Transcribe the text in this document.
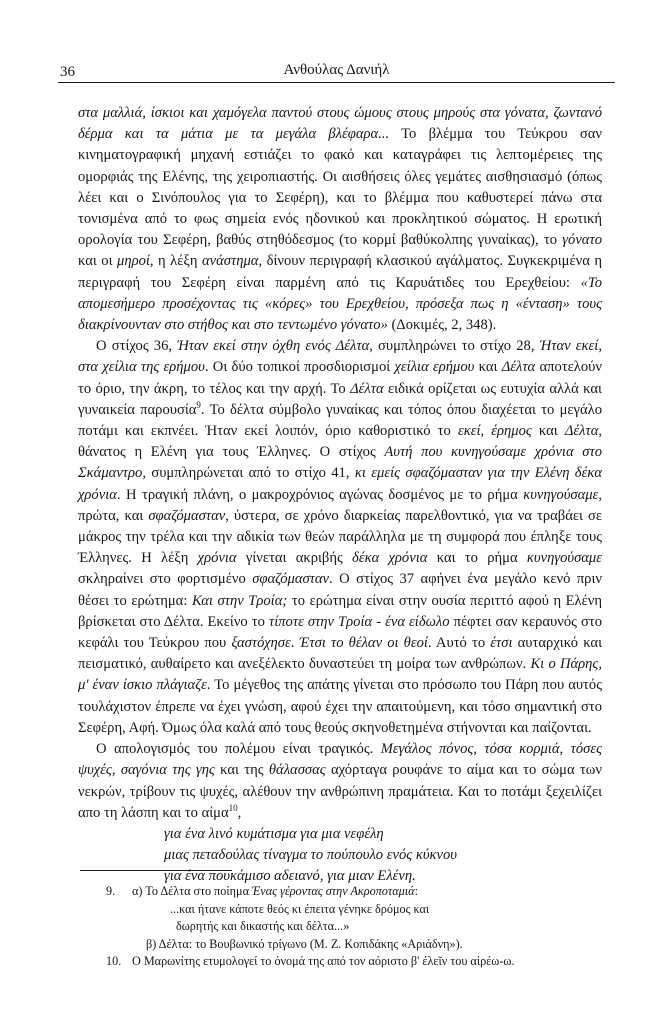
36	Ανθούλας Δανιήλ

στα μαλλιά, ίσκιοι και χαμόγελα παντού στους ώμους στους μηρούς στα γόνατα, ζωντανό δέρμα και τα μάτια με τα μεγάλα βλέφαρα... Το βλέμμα του Τεύκρου σαν κινηματογραφική μηχανή εστιάζει το φακό και καταγράφει τις λεπτομέρειες της ομορφιάς της Ελένης, της χειροπιαστής. Οι αισθήσεις όλες γεμάτες αισθησιασμό (όπως λέει και ο Σινόπουλος για το Σεφέρη), και το βλέμμα που καθυστερεί πάνω στα τονισμένα από το φως σημεία ενός ηδονικού και προκλητικού σώματος. Η ερωτική ορολογία του Σεφέρη, βαθύς στηθόδεσμος (το κορμί βαθύκολπης γυναίκας), το γόνατο και οι μηροί, η λέξη ανάστημα, δίνουν περιγραφή κλασικού αγάλματος. Συγκεκριμένα η περιγραφή του Σεφέρη είναι παρμένη από τις Καρυάτιδες του Ερεχθείου: «Το απομεσήμερο προσέχοντας τις «κόρες» του Ερεχθείου, πρόσεξα πως η «ένταση» τους διακρίνουνταν στο στήθος και στο τεντωμένο γόνατο» (Δοκιμές, 2, 348).

Ο στίχος 36, Ήταν εκεί στην όχθη ενός Δέλτα, συμπληρώνει το στίχο 28, Ήταν εκεί, στα χείλια της ερήμου. Οι δύο τοπικοί προσδιορισμοί χείλια ερήμου και Δέλτα αποτελούν το όριο, την άκρη, το τέλος και την αρχή. Το Δέλτα ειδικά ορίζεται ως ευτυχία αλλά και γυναικεία παρουσία$^9$. Το δέλτα σύμβολο γυναίκας και τόπος όπου διαχέεται το μεγάλο ποτάμι και εκπνέει. Ήταν εκεί λοιπόν, όριο καθοριστικό το εκεί, έρημος και Δέλτα, θάνατος η Ελένη για τους Έλληνες. Ο στίχος Αυτή που κυνηγούσαμε χρόνια στο Σκάμαντρο, συμπληρώνεται από το στίχο 41, κι εμείς σφαζόμασταν για την Ελένη δέκα χρόνια. Η τραγική πλάνη, ο μακροχρόνιος αγώνας δοσμένος με το ρήμα κυνηγούσαμε, πρώτα, και σφαζόμασταν, ύστερα, σε χρόνο διαρκείας παρελθοντικό, για να τραβάει σε μάκρος την τρέλα και την αδικία των θεών παράλληλα με τη συμφορά που έπληξε τους Έλληνες. Η λέξη χρόνια γίνεται ακριβής δέκα χρόνια και το ρήμα κυνηγούσαμε σκληραίνει στο φορτισμένο σφαζόμασταν. Ο στίχος 37 αφήνει ένα μεγάλο κενό πριν θέσει το ερώτημα: Και στην Τροία; το ερώτημα είναι στην ουσία περιττό αφού η Ελένη βρίσκεται στο Δέλτα. Εκείνο το τίποτε στην Τροία - ένα είδωλο πέφτει σαν κεραυνός στο κεφάλι του Τεύκρου που ξαστόχησε. Έτσι το θέλαν οι θεοί. Αυτό το έτσι αυταρχικό και πεισματικό, αυθαίρετο και ανεξέλεκτο δυναστεύει τη μοίρα των ανθρώπων. Κι ο Πάρης, μ' έναν ίσκιο πλάγιαζε. Το μέγεθος της απάτης γίνεται στο πρόσωπο του Πάρη που αυτός τουλάχιστον έπρεπε να έχει γνώση, αφού έχει την απαιτούμενη, και τόσο σημαντική στο Σεφέρη, Αφή. Όμως όλα καλά από τους θεούς σκηνοθετημένα στήνονται και παίζονται.

Ο απολογισμός του πολέμου είναι τραγικός. Μεγάλος πόνος, τόσα κορμιά, τόσες ψυχές, σαγόνια της γης και της θάλασσας αχόρταγα ρουφάνε το αίμα και το σώμα των νεκρών, τρίβουν τις ψυχές, αλέθουν την ανθρώπινη πραμάτεια. Και το ποτάμι ξεχειλίζει απο τη λάσπη και το αίμα$^{10}$,

για ένα λινό κυμάτισμα για μια νεφέλη
μιας πεταδούλας τίναγμα το πούπουλο ενός κύκνου
για ένα πουκάμισο αδειανό, για μιαν Ελένη.
9.	α) Το Δέλτα στο ποίημα Ένας γέροντας στην Ακροποταμιά:
...και ήτανε κάποτε θεός κι έπειτα γένηκε δρόμος και
δωρητής και δικαστής και δέλτα...»
β) Δέλτα: το Βουβωνικό τρίγωνο (Μ. Ζ. Κοπιδάκης «Αριάδνη»).
10. Ο Μαρωνίτης ετυμολογεί το όνομά της από τον αόριστο β' έλεῖν του αἱρέω-ω.
